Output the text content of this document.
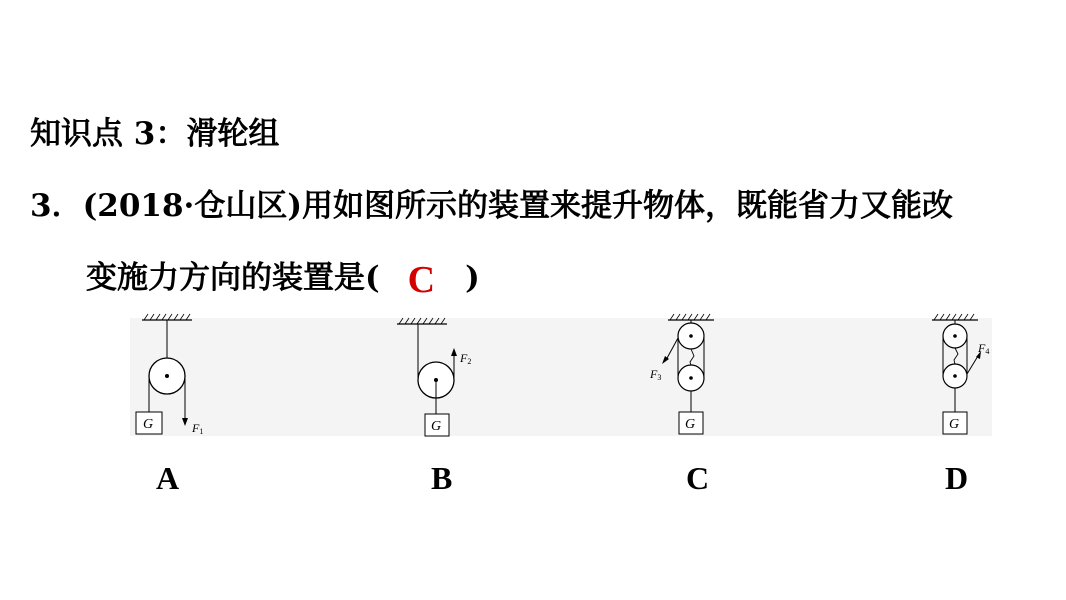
知识点 3：滑轮组
3．(2018·仓山区)用如图所示的装置来提升物体，既能省力又能改
变施力方向的装置是( C )
G	F1	G
F2
G
F3
G
F4
A	B	C	D
